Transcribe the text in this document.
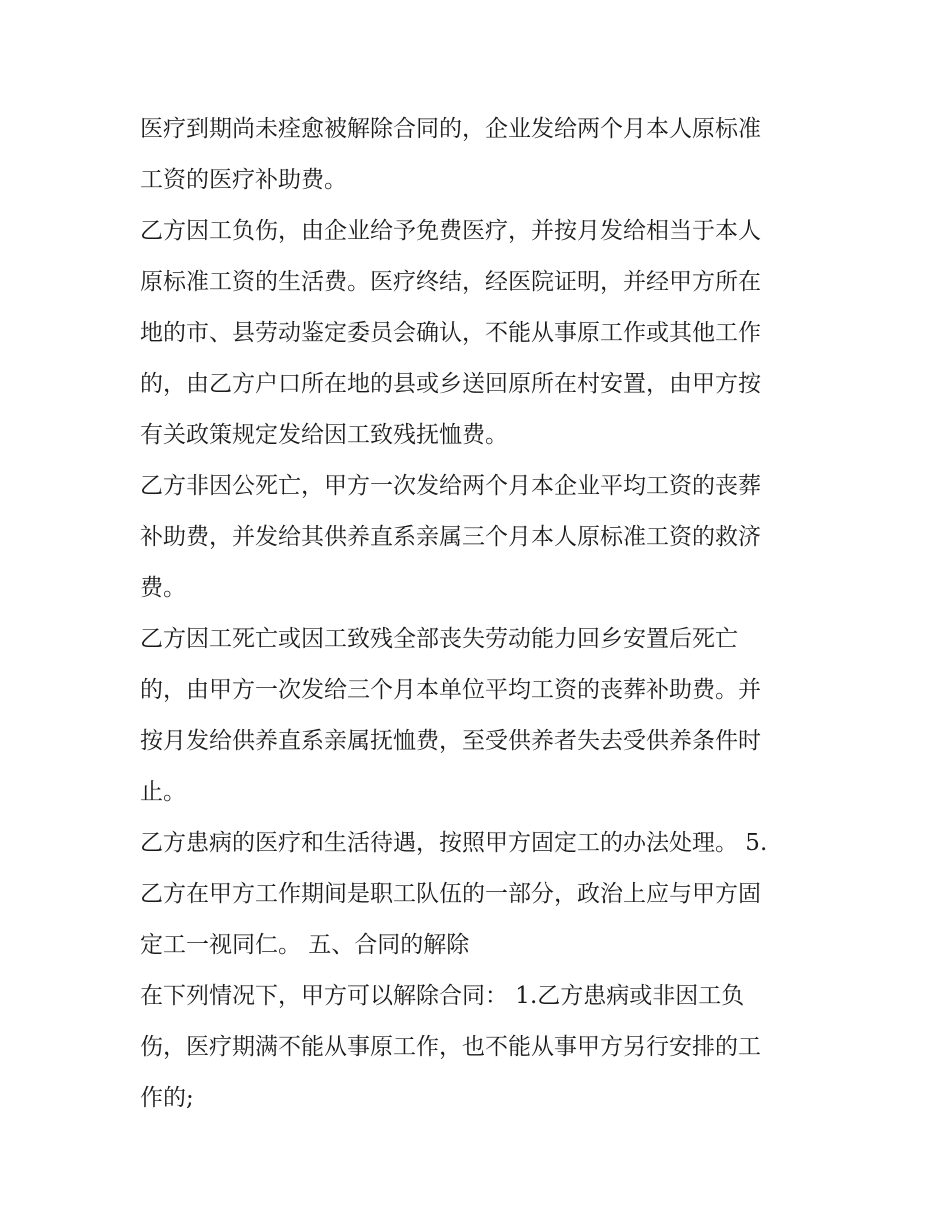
医疗到期尚未痊愈被解除合同的，企业发给两个月本人原标准
工资的医疗补助费。
乙方因工负伤，由企业给予免费医疗，并按月发给相当于本人
原标准工资的生活费。医疗终结，经医院证明，并经甲方所在
地的市、县劳动鉴定委员会确认，不能从事原工作或其他工作
的，由乙方户口所在地的县或乡送回原所在村安置，由甲方按
有关政策规定发给因工致残抚恤费。
乙方非因公死亡，甲方一次发给两个月本企业平均工资的丧葬
补助费，并发给其供养直系亲属三个月本人原标准工资的救济
费。
乙方因工死亡或因工致残全部丧失劳动能力回乡安置后死亡
的，由甲方一次发给三个月本单位平均工资的丧葬补助费。并
按月发给供养直系亲属抚恤费，至受供养者失去受供养条件时
止。
乙方患病的医疗和生活待遇，按照甲方固定工的办法处理。 5.
乙方在甲方工作期间是职工队伍的一部分，政治上应与甲方固
定工一视同仁。 五、合同的解除
在下列情况下，甲方可以解除合同： 1.乙方患病或非因工负
伤，医疗期满不能从事原工作，也不能从事甲方另行安排的工
作的;
